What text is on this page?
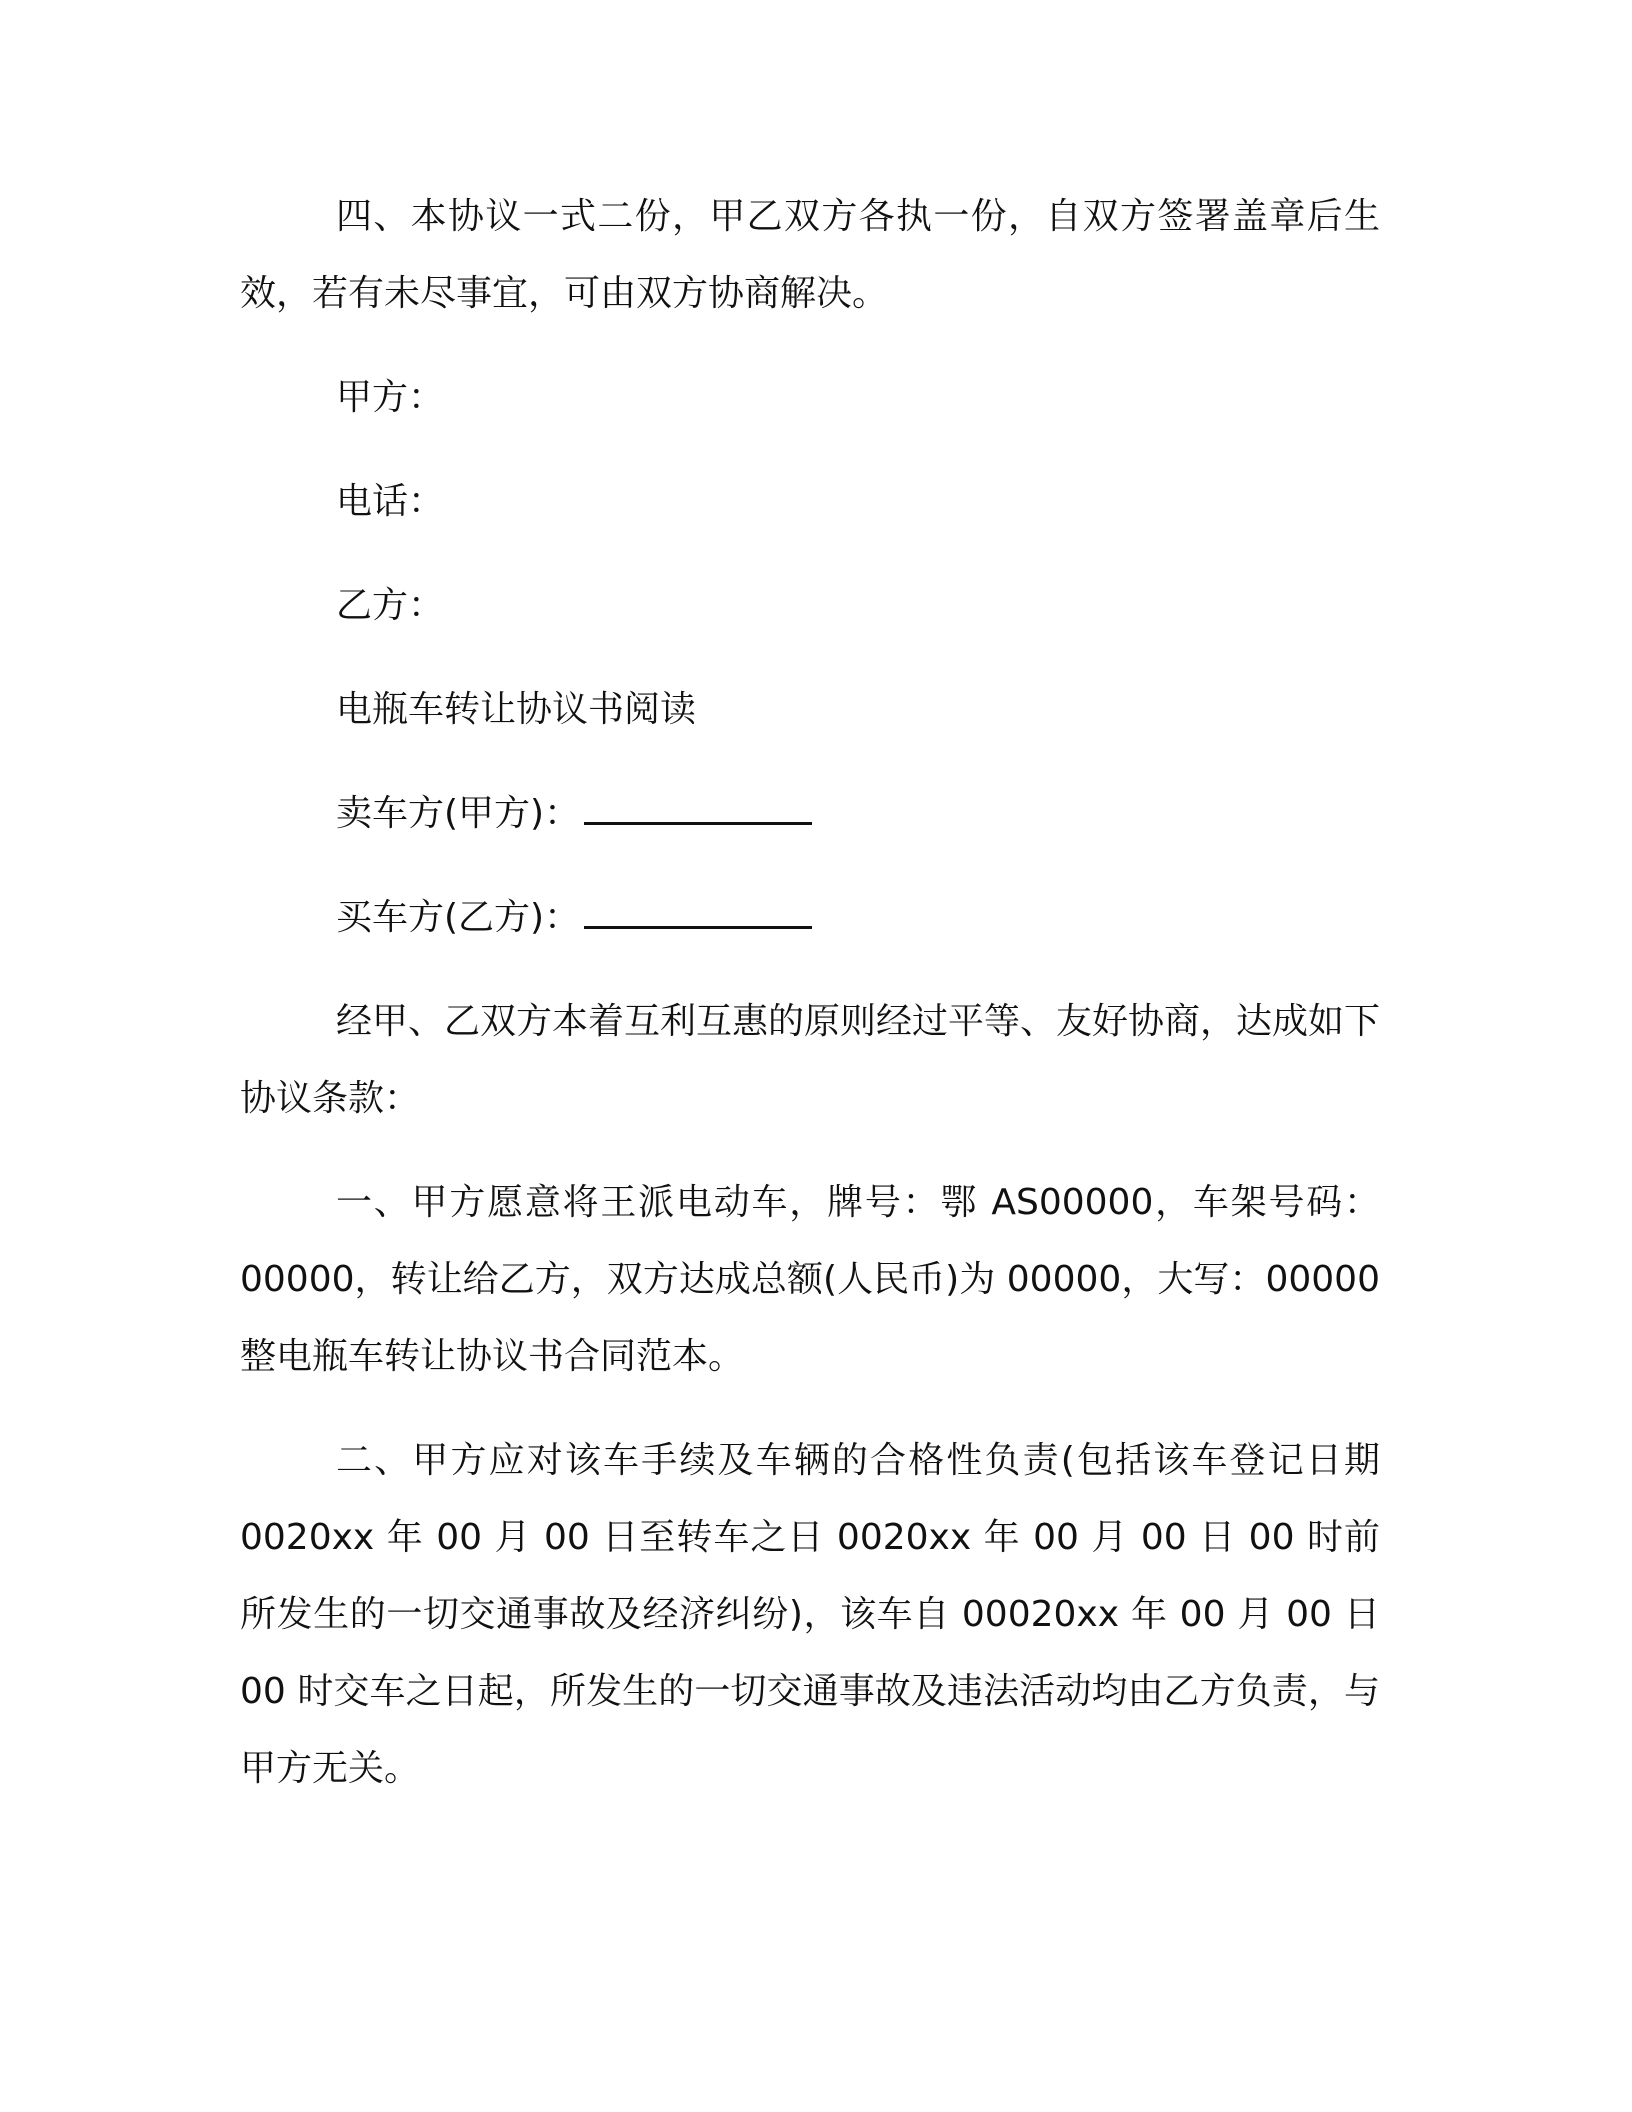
四、本协议一式二份，甲乙双方各执一份，自双方签署盖章后生效，若有未尽事宜，可由双方协商解决。

甲方：

电话：

乙方：

电瓶车转让协议书阅读

卖车方(甲方)：

买车方(乙方)：

经甲、乙双方本着互利互惠的原则经过平等、友好协商，达成如下协议条款：

一、甲方愿意将王派电动车，牌号：鄂 AS00000，车架号码：00000，转让给乙方，双方达成总额(人民币)为 00000，大写：00000 整电瓶车转让协议书合同范本。

二、甲方应对该车手续及车辆的合格性负责(包括该车登记日期 0020xx 年 00 月 00 日至转车之日 0020xx 年 00 月 00 日 00 时前所发生的一切交通事故及经济纠纷)，该车自 00020xx 年 00 月 00 日 00 时交车之日起，所发生的一切交通事故及违法活动均由乙方负责，与甲方无关。
